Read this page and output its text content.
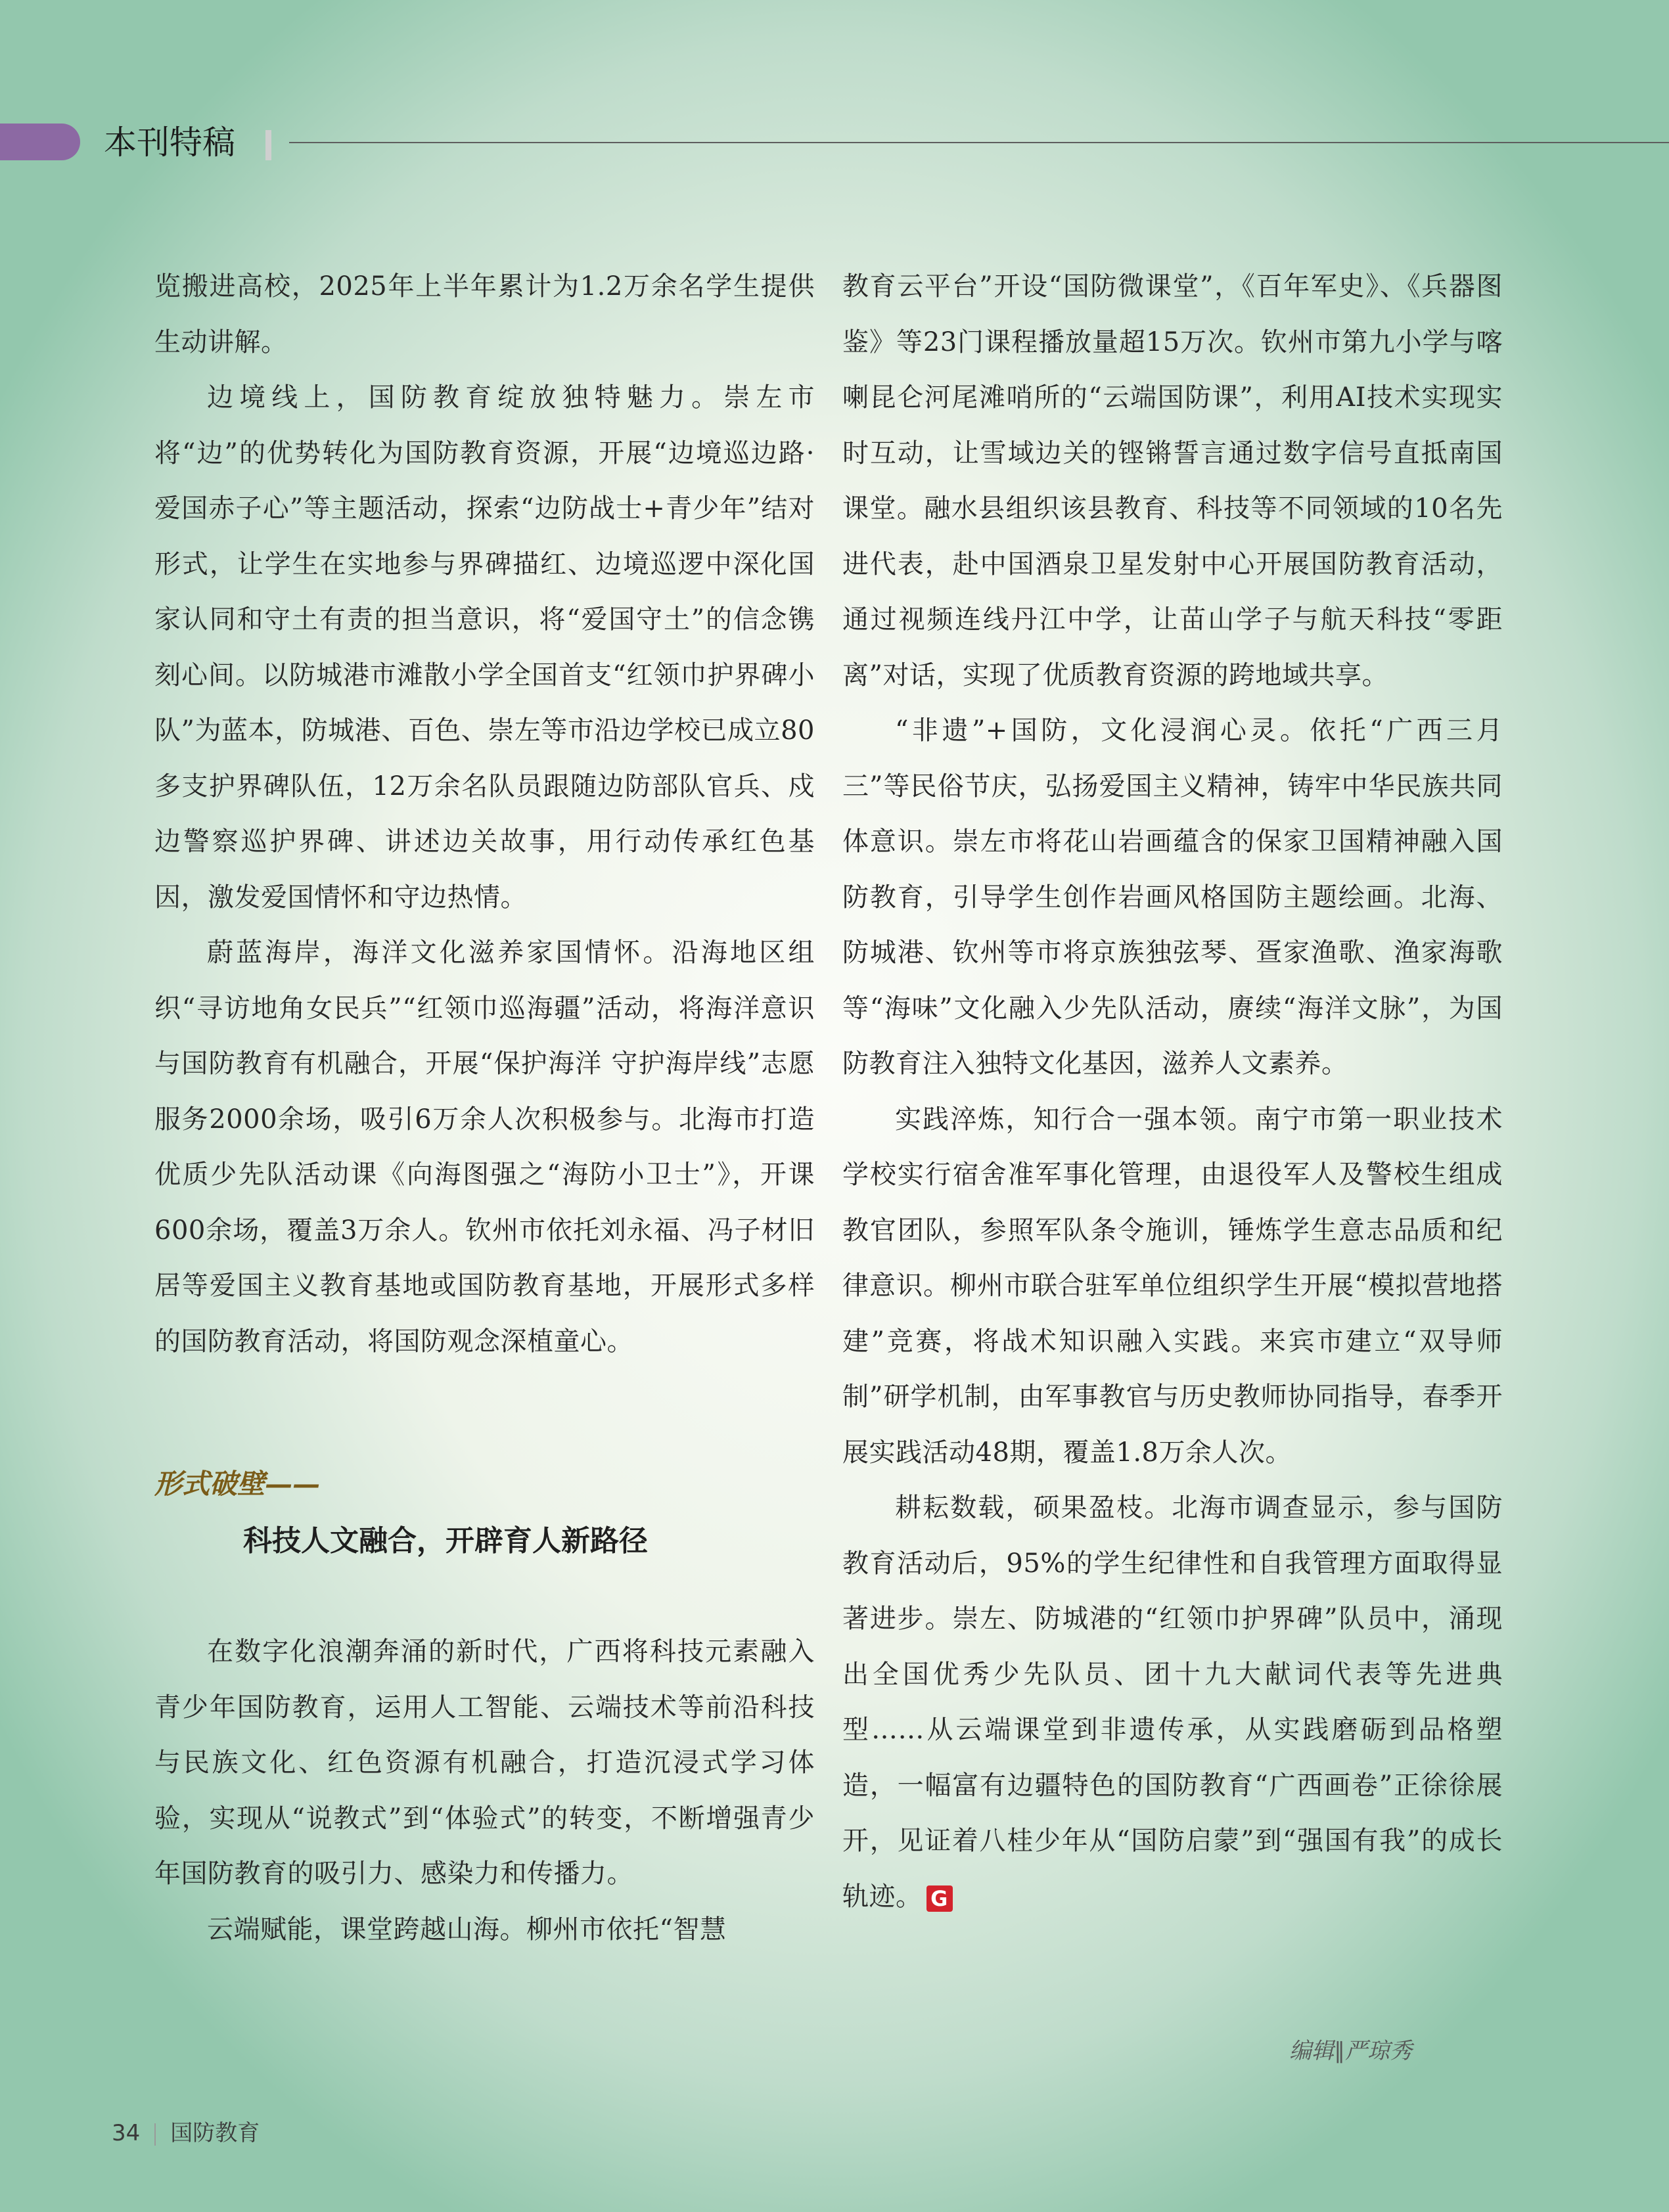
本刊特稿

览搬进高校，2025年上半年累计为1.2万余名学生提供生动讲解。

边境线上，国防教育绽放独特魅力。崇左市将“边”的优势转化为国防教育资源，开展“边境巡边路·爱国赤子心”等主题活动，探索“边防战士+青少年”结对形式，让学生在实地参与界碑描红、边境巡逻中深化国家认同和守土有责的担当意识，将“爱国守土”的信念镌刻心间。以防城港市滩散小学全国首支“红领巾护界碑小队”为蓝本，防城港、百色、崇左等市沿边学校已成立80多支护界碑队伍，12万余名队员跟随边防部队官兵、戍边警察巡护界碑、讲述边关故事，用行动传承红色基因，激发爱国情怀和守边热情。

蔚蓝海岸，海洋文化滋养家国情怀。沿海地区组织“寻访地角女民兵”“红领巾巡海疆”活动，将海洋意识与国防教育有机融合，开展“保护海洋 守护海岸线”志愿服务2000余场，吸引6万余人次积极参与。北海市打造优质少先队活动课《向海图强之“海防小卫士”》，开课600余场，覆盖3万余人。钦州市依托刘永福、冯子材旧居等爱国主义教育基地或国防教育基地，开展形式多样的国防教育活动，将国防观念深植童心。

形式破壁——
科技人文融合，开辟育人新路径

在数字化浪潮奔涌的新时代，广西将科技元素融入青少年国防教育，运用人工智能、云端技术等前沿科技与民族文化、红色资源有机融合，打造沉浸式学习体验，实现从“说教式”到“体验式”的转变，不断增强青少年国防教育的吸引力、感染力和传播力。

云端赋能，课堂跨越山海。柳州市依托“智慧

教育云平台”开设“国防微课堂”，《百年军史》、《兵器图鉴》等23门课程播放量超15万次。钦州市第九小学与喀喇昆仑河尾滩哨所的“云端国防课”，利用AI技术实现实时互动，让雪域边关的铿锵誓言通过数字信号直抵南国课堂。融水县组织该县教育、科技等不同领域的10名先进代表，赴中国酒泉卫星发射中心开展国防教育活动，通过视频连线丹江中学，让苗山学子与航天科技“零距离”对话，实现了优质教育资源的跨地域共享。

“非遗”+国防，文化浸润心灵。依托“广西三月三”等民俗节庆，弘扬爱国主义精神，铸牢中华民族共同体意识。崇左市将花山岩画蕴含的保家卫国精神融入国防教育，引导学生创作岩画风格国防主题绘画。北海、防城港、钦州等市将京族独弦琴、疍家渔歌、渔家海歌等“海味”文化融入少先队活动，赓续“海洋文脉”，为国防教育注入独特文化基因，滋养人文素养。

实践淬炼，知行合一强本领。南宁市第一职业技术学校实行宿舍准军事化管理，由退役军人及警校生组成教官团队，参照军队条令施训，锤炼学生意志品质和纪律意识。柳州市联合驻军单位组织学生开展“模拟营地搭建”竞赛，将战术知识融入实践。来宾市建立“双导师制”研学机制，由军事教官与历史教师协同指导，春季开展实践活动48期，覆盖1.8万余人次。

耕耘数载，硕果盈枝。北海市调查显示，参与国防教育活动后，95%的学生纪律性和自我管理方面取得显著进步。崇左、防城港的“红领巾护界碑”队员中，涌现出全国优秀少先队员、团十九大献词代表等先进典型……从云端课堂到非遗传承，从实践磨砺到品格塑造，一幅富有边疆特色的国防教育“广西画卷”正徐徐展开，见证着八桂少年从“国防启蒙”到“强国有我”的成长轨迹。 G

编辑∥严琼秀
34 国防教育
